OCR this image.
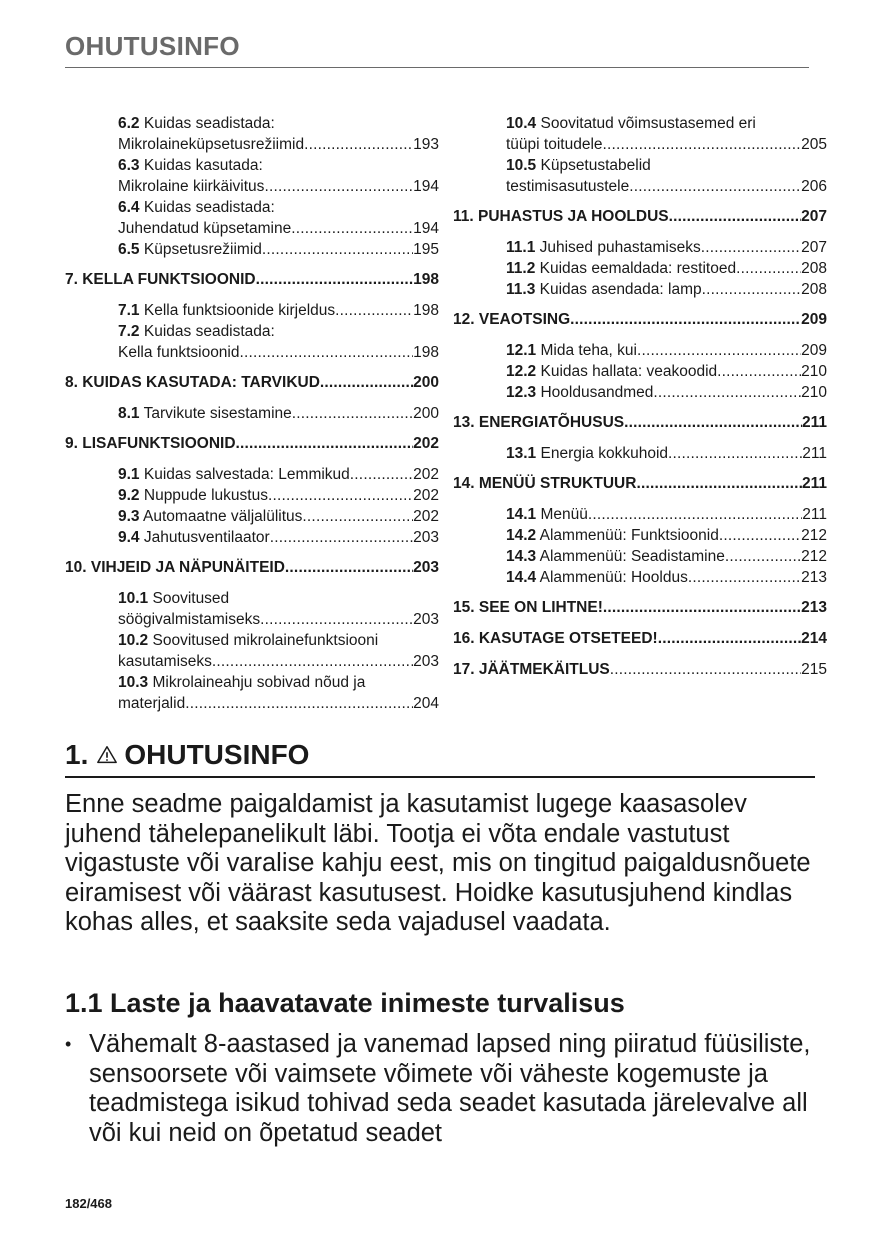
OHUTUSINFO
6.2 Kuidas seadistada:
Mikrolaineküpsetusrežiimid .....	193
6.3 Kuidas kasutada:
Mikrolaine kiirkäivitus .....	194
6.4 Kuidas seadistada:
Juhendatud küpsetamine .....	194
6.5 Küpsetusrežiimid .....	195
7. KELLA FUNKTSIOONID .....	198
7.1 Kella funktsioonide kirjeldus .....	198
7.2 Kuidas seadistada:
Kella funktsioonid .....	198
8. KUIDAS KASUTADA: TARVIKUD .....	200
8.1 Tarvikute sisestamine .....	200
9. LISAFUNKTSIOONID .....	202
9.1 Kuidas salvestada: Lemmikud .....	202
9.2 Nuppude lukustus .....	202
9.3 Automaatne väljalülitus .....	202
9.4 Jahutusventilaator .....	203
10. VIHJEID JA NÄPUNÄITEID .....	203
10.1 Soovitused
söögivalmistamiseks .....	203
10.2 Soovitused mikrolainefunktsiooni
kasutamiseks .....	203
10.3 Mikrolaineahju sobivad nõud ja
materjalid .....	204
10.4 Soovitatud võimsustasemed eri
tüüpi toitudele .....	205
10.5 Küpsetustabelid
testimisasutustele .....	206
11. PUHASTUS JA HOOLDUS .....	207
11.1 Juhised puhastamiseks .....	207
11.2 Kuidas eemaldada: restitoed .....	208
11.3 Kuidas asendada: lamp .....	208
12. VEAOTSING .....	209
12.1 Mida teha, kui .....	209
12.2 Kuidas hallata: veakoodid .....	210
12.3 Hooldusandmed .....	210
13. ENERGIATÕHUSUS .....	211
13.1 Energia kokkuhoid .....	211
14. MENÜÜ STRUKTUUR .....	211
14.1 Menüü .....	211
14.2 Alammenüü: Funktsioonid .....	212
14.3 Alammenüü: Seadistamine .....	212
14.4 Alammenüü: Hooldus .....	213
15. SEE ON LIHTNE! .....	213
16. KASUTAGE OTSETEED! .....	214
17. JÄÄTMEKÄITLUS .....	215
1. OHUTUSINFO
Enne seadme paigaldamist ja kasutamist lugege kaasasolev juhend tähelepanelikult läbi. Tootja ei võta endale vastutust vigastuste või varalise kahju eest, mis on tingitud paigaldusnõuete eiramisest või väärast kasutusest. Hoidke kasutusjuhend kindlas kohas alles, et saaksite seda vajadusel vaadata.
1.1 Laste ja haavatavate inimeste turvalisus
• Vähemalt 8-aastased ja vanemad lapsed ning piiratud füüsiliste, sensoorsete või vaimsete võimete või väheste kogemuste ja teadmistega isikud tohivad seda seadet kasutada järelevalve all või kui neid on õpetatud seadet
182/468
